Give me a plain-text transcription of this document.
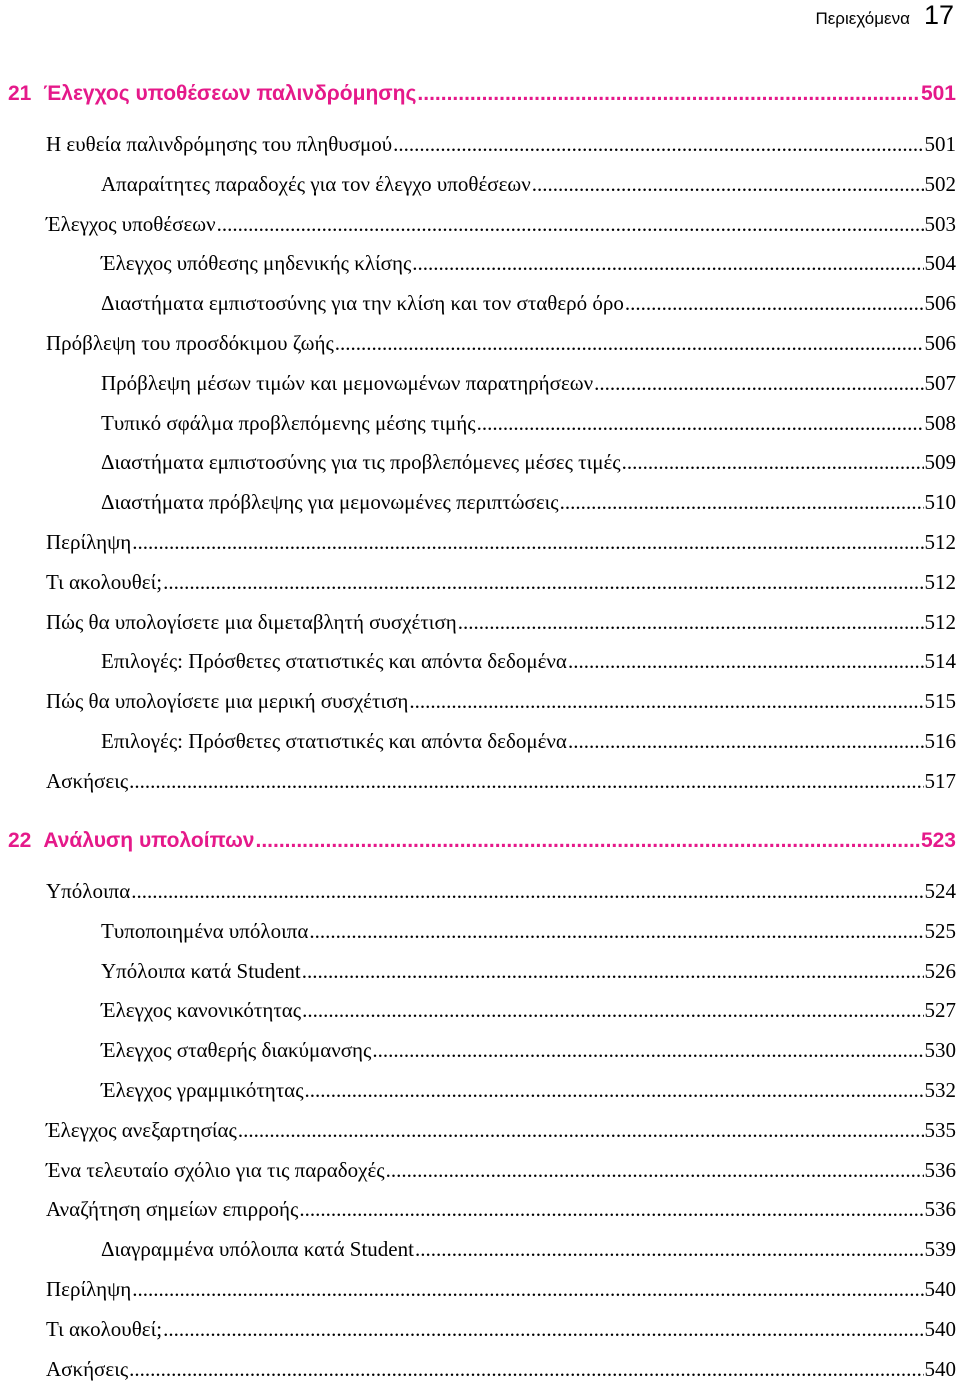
Περιεχόμενα 17
21 Έλεγχος υποθέσεων παλινδρόμησης .....	501
Η ευθεία παλινδρόμησης του πληθυσμού .....	501
Απαραίτητες παραδοχές για τον έλεγχο υποθέσεων .....	502
Έλεγχος υποθέσεων .....	503
Έλεγχος υπόθεσης μηδενικής κλίσης .....	504
Διαστήματα εμπιστοσύνης για την κλίση και τον σταθερό όρο .....	506
Πρόβλεψη του προσδόκιμου ζωής .....	506
Πρόβλεψη μέσων τιμών και μεμονωμένων παρατηρήσεων .....	507
Τυπικό σφάλμα προβλεπόμενης μέσης τιμής .....	508
Διαστήματα εμπιστοσύνης για τις προβλεπόμενες μέσες τιμές .....	509
Διαστήματα πρόβλεψης για μεμονωμένες περιπτώσεις .....	510
Περίληψη .....	512
Τι ακολουθεί; .....	512
Πώς θα υπολογίσετε μια διμεταβλητή συσχέτιση .....	512
Επιλογές: Πρόσθετες στατιστικές και απόντα δεδομένα .....	514
Πώς θα υπολογίσετε μια μερική συσχέτιση .....	515
Επιλογές: Πρόσθετες στατιστικές και απόντα δεδομένα .....	516
Ασκήσεις .....	517
22 Ανάλυση υπολοίπων .....	523
Υπόλοιπα .....	524
Τυποποιημένα υπόλοιπα .....	525
Υπόλοιπα κατά Student .....	526
Έλεγχος κανονικότητας .....	527
Έλεγχος σταθερής διακύμανσης .....	530
Έλεγχος γραμμικότητας .....	532
Έλεγχος ανεξαρτησίας .....	535
Ένα τελευταίο σχόλιο για τις παραδοχές .....	536
Αναζήτηση σημείων επιρροής .....	536
Διαγραμμένα υπόλοιπα κατά Student .....	539
Περίληψη .....	540
Τι ακολουθεί; .....	540
Ασκήσεις .....	540
